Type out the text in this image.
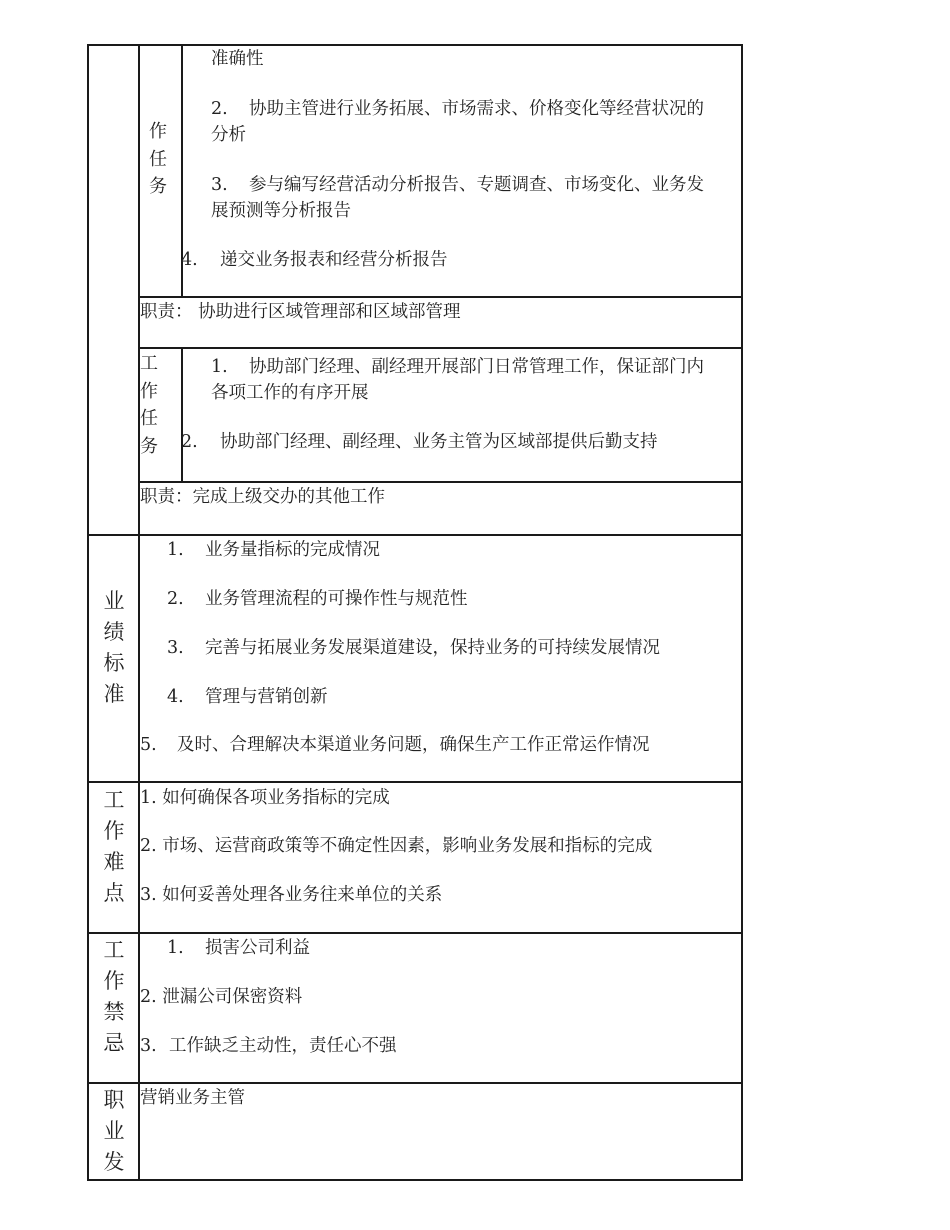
作任务
准确性
2. 协助主管进行业务拓展、市场需求、价格变化等经营状况的
分析
3. 参与编写经营活动分析报告、专题调查、市场变化、业务发
展预测等分析报告
4. 递交业务报表和经营分析报告
职责： 协助进行区域管理部和区域部管理
工作任务
1. 协助部门经理、副经理开展部门日常管理工作，保证部门内
各项工作的有序开展
2. 协助部门经理、副经理、业务主管为区域部提供后勤支持
职责：完成上级交办的其他工作
业绩标准
1. 业务量指标的完成情况
2. 业务管理流程的可操作性与规范性
3. 完善与拓展业务发展渠道建设，保持业务的可持续发展情况
4. 管理与营销创新
5. 及时、合理解决本渠道业务问题，确保生产工作正常运作情况
工作难点
1. 如何确保各项业务指标的完成
2. 市场、运营商政策等不确定性因素，影响业务发展和指标的完成
3. 如何妥善处理各业务往来单位的关系
工作禁忌
1. 损害公司利益
2. 泄漏公司保密资料
3. 工作缺乏主动性，责任心不强
职业发
营销业务主管
